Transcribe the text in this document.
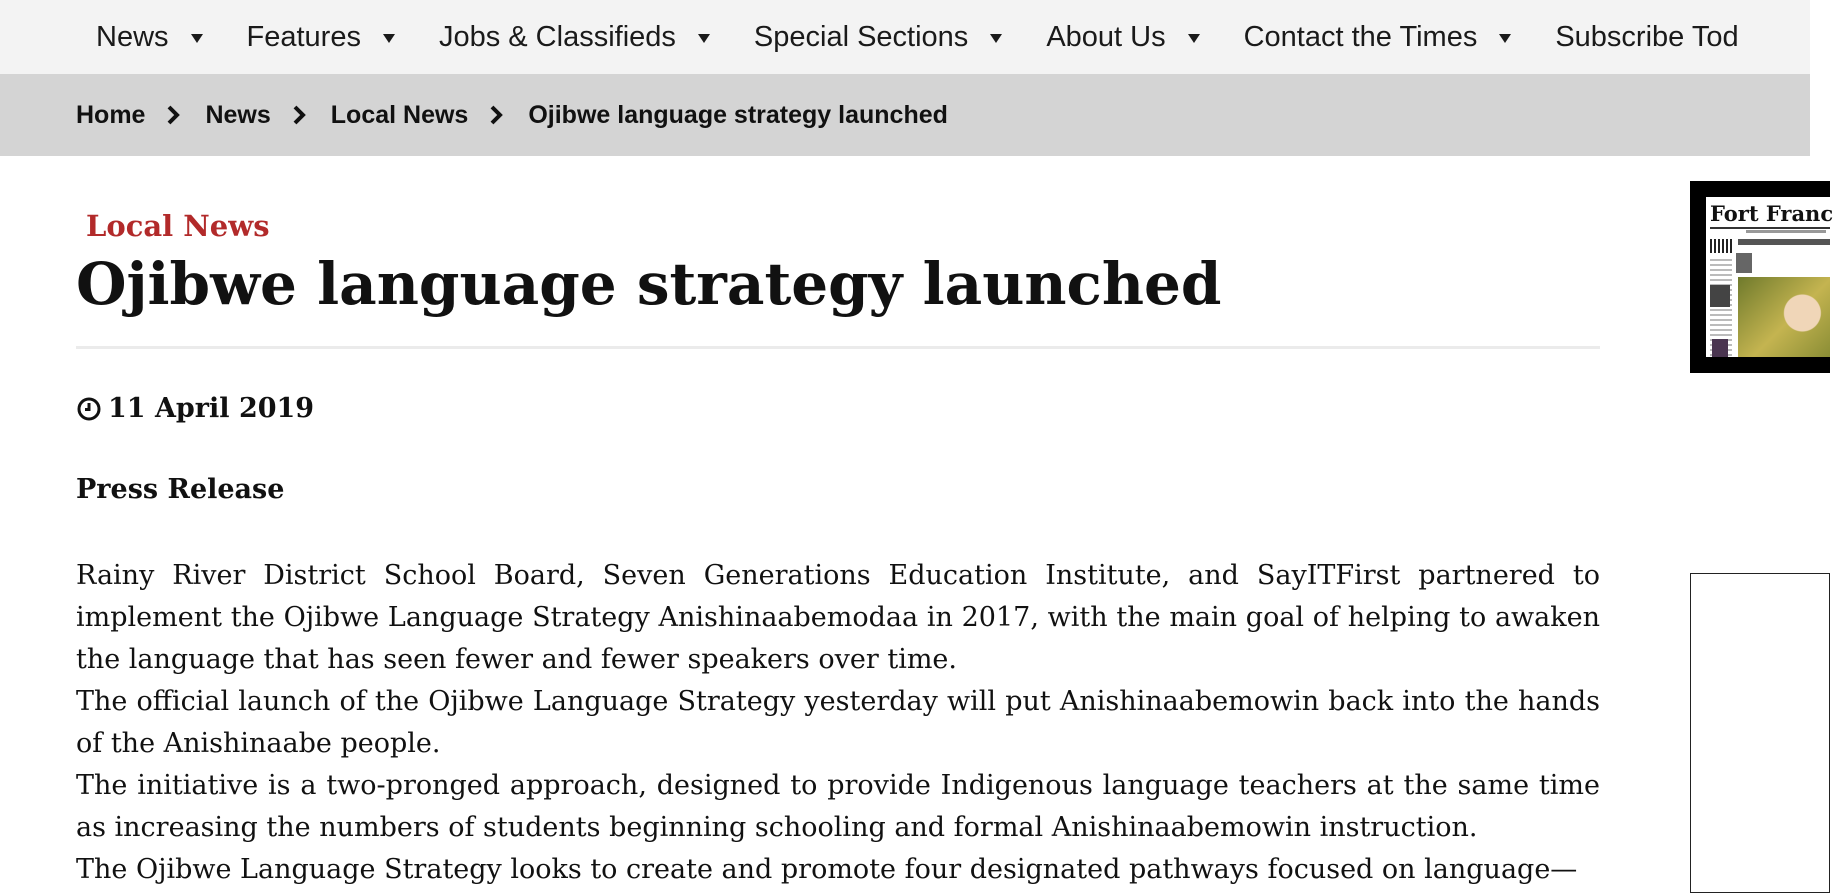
News	Features	Jobs & Classifieds	Special Sections	About Us	Contact the Times	Subscribe Tod
Home News Local News Ojibwe language strategy launched
Local News
Ojibwe language strategy launched
11 April 2019
Press Release

Rainy River District School Board, Seven Generations Education Institute, and SayITFirst partnered to implement the Ojibwe Language Strategy Anishinaabemodaa in 2017, with the main goal of helping to awaken the language that has seen fewer and fewer speakers over time.

The official launch of the Ojibwe Language Strategy yesterday will put Anishinaabemowin back into the hands of the Anishinaabe people.

The initiative is a two-pronged approach, designed to provide Indigenous language teachers at the same time as increasing the numbers of students beginning schooling and formal Anishinaabemowin instruction.

The Ojibwe Language Strategy looks to create and promote four designated pathways focused on language—

Fort Franc
